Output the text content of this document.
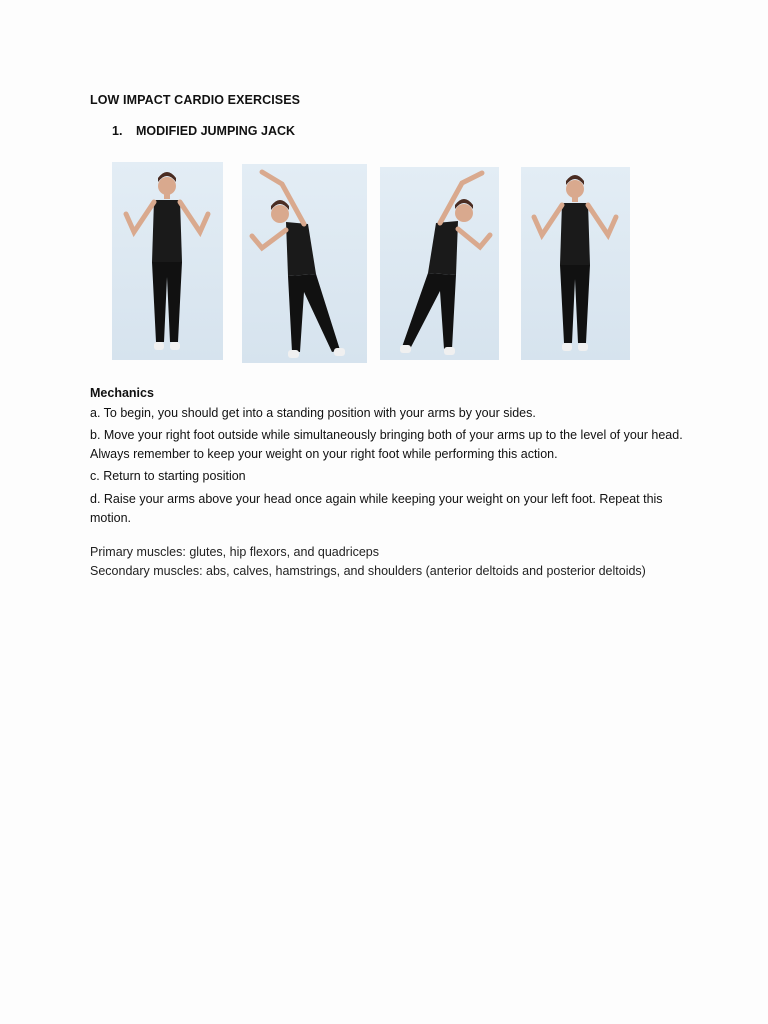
LOW IMPACT CARDIO EXERCISES
1. MODIFIED JUMPING JACK
Mechanics
a. To begin, you should get into a standing position with your arms by your sides.
b. Move your right foot outside while simultaneously bringing both of your arms up to the level of your head. Always remember to keep your weight on your right foot while performing this action.
c. Return to starting position
d. Raise your arms above your head once again while keeping your weight on your left foot. Repeat this motion.
Primary muscles: glutes, hip flexors, and quadriceps
Secondary muscles: abs, calves, hamstrings, and shoulders (anterior deltoids and posterior deltoids)
